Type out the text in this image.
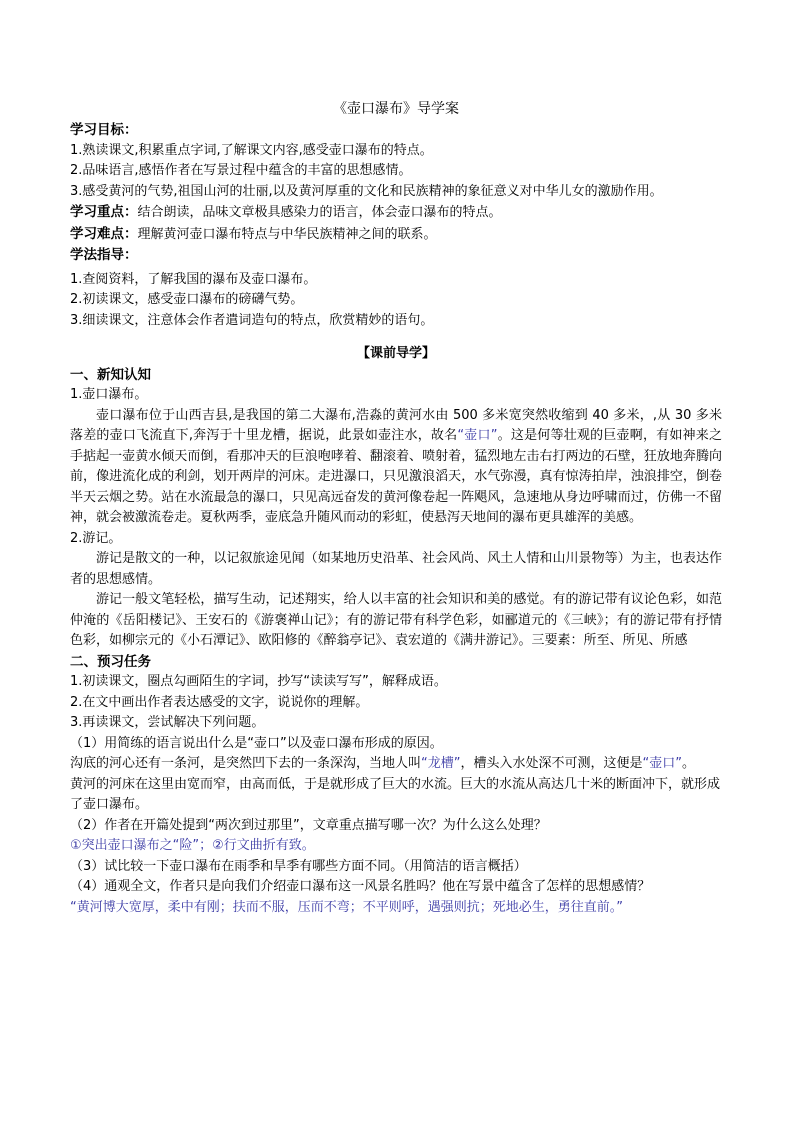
《壶口瀑布》导学案
学习目标：
1.熟读课文,积累重点字词,了解课文内容,感受壶口瀑布的特点。
2.品味语言,感悟作者在写景过程中蕴含的丰富的思想感情。
3.感受黄河的气势,祖国山河的壮丽,以及黄河厚重的文化和民族精神的象征意义对中华儿女的激励作用。
学习重点：结合朗读，品味文章极具感染力的语言，体会壶口瀑布的特点。
学习难点：理解黄河壶口瀑布特点与中华民族精神之间的联系。
学法指导：
1.查阅资料，了解我国的瀑布及壶口瀑布。
2.初读课文，感受壶口瀑布的磅礴气势。
3.细读课文，注意体会作者遣词造句的特点，欣赏精妙的语句。
【课前导学】
一、新知认知
1.壶口瀑布。
壶口瀑布位于山西吉县,是我国的第二大瀑布,浩淼的黄河水由 500 多米宽突然收缩到 40 多米，,从 30 多米落差的壶口飞流直下,奔泻于十里龙槽，据说，此景如壶注水，故名“壶口”。这是何等壮观的巨壶啊，有如神来之手掂起一壶黄水倾天而倒，看那冲天的巨浪咆哮着、翻滚着、喷射着，猛烈地左击右打两边的石壁，狂放地奔腾向前，像进流化成的利剑，划开两岸的河床。走进瀑口，只见激浪滔天，水气弥漫，真有惊涛拍岸，浊浪排空，倒卷半天云烟之势。站在水流最急的瀑口，只见高远奋发的黄河像卷起一阵飓风，急速地从身边呼啸而过，仿佛一不留神，就会被激流卷走。夏秋两季，壶底急升随风而动的彩虹，使悬泻天地间的瀑布更具雄浑的美感。
2.游记。
游记是散文的一种，以记叙旅途见闻（如某地历史沿革、社会风尚、风土人情和山川景物等）为主，也表达作者的思想感情。
游记一般文笔轻松，描写生动，记述翔实，给人以丰富的社会知识和美的感觉。有的游记带有议论色彩，如范仲淹的《岳阳楼记》、王安石的《游褒禅山记》；有的游记带有科学色彩，如郦道元的《三峡》；有的游记带有抒情色彩，如柳宗元的《小石潭记》、欧阳修的《醉翁亭记》、袁宏道的《满井游记》。三要素：所至、所见、所感
二、预习任务
1.初读课文，圈点勾画陌生的字词，抄写“读读写写”，解释成语。
2.在文中画出作者表达感受的文字，说说你的理解。
3.再读课文，尝试解决下列问题。
（1）用简练的语言说出什么是“壶口”以及壶口瀑布形成的原因。
沟底的河心还有一条河，是突然凹下去的一条深沟，当地人叫“龙槽”，槽头入水处深不可测，这便是“壶口”。
黄河的河床在这里由宽而窄，由高而低，于是就形成了巨大的水流。巨大的水流从高达几十米的断面冲下，就形成了壶口瀑布。
（2）作者在开篇处提到“两次到过那里”，文章重点描写哪一次？为什么这么处理？
①突出壶口瀑布之“险”；②行文曲折有致。
（3）试比较一下壶口瀑布在雨季和旱季有哪些方面不同。（用简洁的语言概括）
（4）通观全文，作者只是向我们介绍壶口瀑布这一风景名胜吗？他在写景中蕴含了怎样的思想感情？
“黄河博大宽厚，柔中有刚；扶而不服，压而不弯；不平则呼，遇强则抗；死地必生，勇往直前。”
